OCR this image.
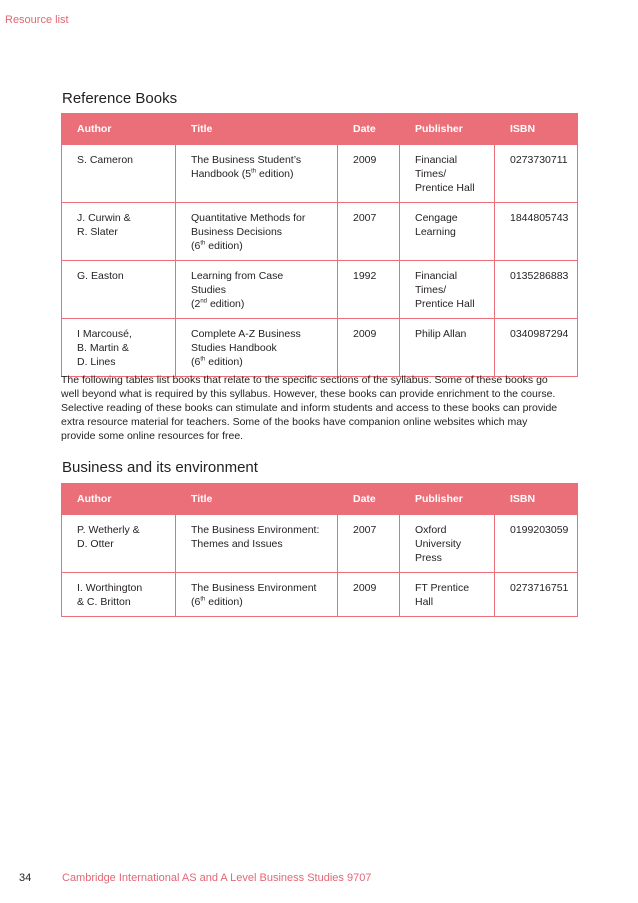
Resource list
Reference Books
Author	Title	Date	Publisher	ISBN

S. Cameron	The Business Student’s
Handbook (5th edition)	2009	Financial
Times/
Prentice Hall	0273730711

J. Curwin &
R. Slater	Quantitative Methods for
Business Decisions
(6th edition)	2007	Cengage
Learning	1844805743

G. Easton	Learning from Case
Studies
(2nd edition)	1992	Financial
Times/
Prentice Hall	0135286883

I Marcousé,
B. Martin &
D. Lines	Complete A-Z Business
Studies Handbook
(6th edition)	2009	Philip Allan	0340987294
The following tables list books that relate to the specific sections of the syllabus. Some of these books go
well beyond what is required by this syllabus. However, these books can provide enrichment to the course.
Selective reading of these books can stimulate and inform students and access to these books can provide
extra resource material for teachers. Some of the books have companion online websites which may
provide some online resources for free.
Business and its environment
Author	Title	Date	Publisher	ISBN

P. Wetherly &
D. Otter	The Business Environment:
Themes and Issues	2007	Oxford
University
Press	0199203059

I. Worthington
& C. Britton	The Business Environment
(6th edition)	2009	FT Prentice
Hall	0273716751
34	Cambridge International AS and A Level Business Studies 9707
